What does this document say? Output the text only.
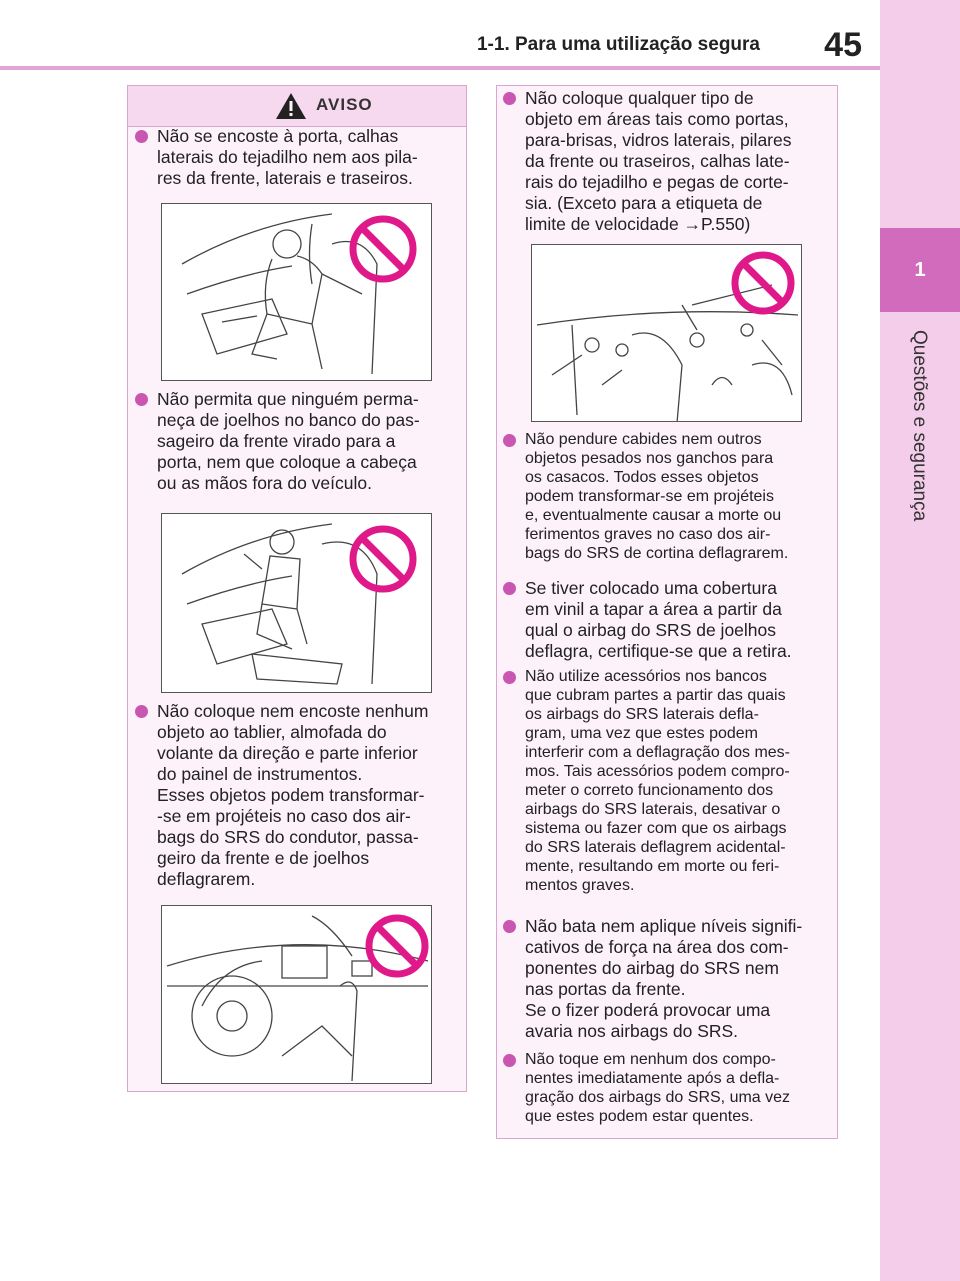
1-1. Para uma utilização segura 45
1
Questões e segurança
AVISO
Não se encoste à porta, calhas
laterais do tejadilho nem aos pila-
res da frente, laterais e traseiros.
Não permita que ninguém perma-
neça de joelhos no banco do pas-
sageiro da frente virado para a
porta, nem que coloque a cabeça
ou as mãos fora do veículo.
Não coloque nem encoste nenhum
objeto ao tablier, almofada do
volante da direção e parte inferior
do painel de instrumentos.
Esses objetos podem transformar-
-se em projéteis no caso dos air-
bags do SRS do condutor, passa-
geiro da frente e de joelhos
deflagrarem.
Não coloque qualquer tipo de
objeto em áreas tais como portas,
para-brisas, vidros laterais, pilares
da frente ou traseiros, calhas late-
rais do tejadilho e pegas de corte-
sia. (Exceto para a etiqueta de
limite de velocidade →P.550)
Não pendure cabides nem outros
objetos pesados nos ganchos para
os casacos. Todos esses objetos
podem transformar-se em projéteis
e, eventualmente causar a morte ou
ferimentos graves no caso dos air-
bags do SRS de cortina deflagrarem.
Se tiver colocado uma cobertura
em vinil a tapar a área a partir da
qual o airbag do SRS de joelhos
deflagra, certifique-se que a retira.
Não utilize acessórios nos bancos
que cubram partes a partir das quais
os airbags do SRS laterais defla-
gram, uma vez que estes podem
interferir com a deflagração dos mes-
mos. Tais acessórios podem compro-
meter o correto funcionamento dos
airbags do SRS laterais, desativar o
sistema ou fazer com que os airbags
do SRS laterais deflagrem acidental-
mente, resultando em morte ou feri-
mentos graves.
Não bata nem aplique níveis signifi-
cativos de força na área dos com-
ponentes do airbag do SRS nem
nas portas da frente.
Se o fizer poderá provocar uma
avaria nos airbags do SRS.
Não toque em nenhum dos compo-
nentes imediatamente após a defla-
gração dos airbags do SRS, uma vez
que estes podem estar quentes.
